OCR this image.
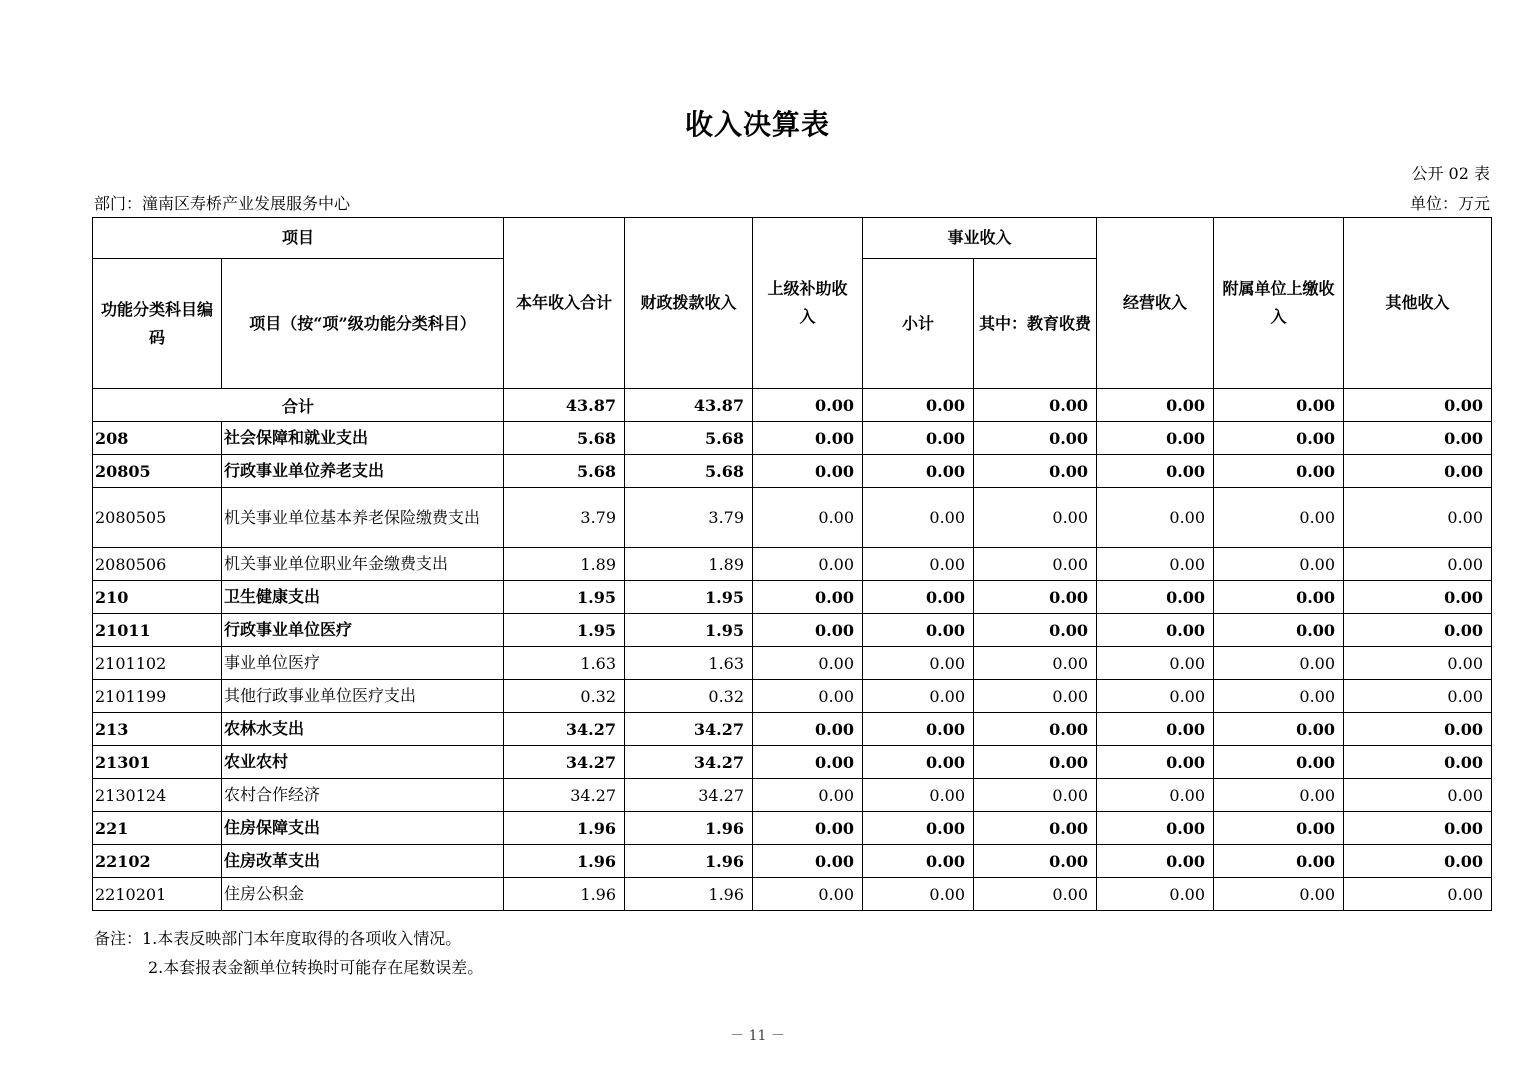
收入决算表
公开 02 表
部门：潼南区寿桥产业发展服务中心	单位：万元
项目		本年收入合计	财政拨款收入	上级补助收入	事业收入		经营收入	附属单位上缴收入	其他收入
功能分类科目编码	项目（按“项”级功能分类科目）				小计	其中：教育收费			
合计		43.87	43.87	0.00	0.00	0.00	0.00	0.00	0.00
208	社会保障和就业支出	5.68	5.68	0.00	0.00	0.00	0.00	0.00	0.00
20805	行政事业单位养老支出	5.68	5.68	0.00	0.00	0.00	0.00	0.00	0.00
2080505	机关事业单位基本养老保险缴费支出	3.79	3.79	0.00	0.00	0.00	0.00	0.00	0.00
2080506	机关事业单位职业年金缴费支出	1.89	1.89	0.00	0.00	0.00	0.00	0.00	0.00
210	卫生健康支出	1.95	1.95	0.00	0.00	0.00	0.00	0.00	0.00
21011	行政事业单位医疗	1.95	1.95	0.00	0.00	0.00	0.00	0.00	0.00
2101102	事业单位医疗	1.63	1.63	0.00	0.00	0.00	0.00	0.00	0.00
2101199	其他行政事业单位医疗支出	0.32	0.32	0.00	0.00	0.00	0.00	0.00	0.00
213	农林水支出	34.27	34.27	0.00	0.00	0.00	0.00	0.00	0.00
21301	农业农村	34.27	34.27	0.00	0.00	0.00	0.00	0.00	0.00
2130124	农村合作经济	34.27	34.27	0.00	0.00	0.00	0.00	0.00	0.00
221	住房保障支出	1.96	1.96	0.00	0.00	0.00	0.00	0.00	0.00
22102	住房改革支出	1.96	1.96	0.00	0.00	0.00	0.00	0.00	0.00
2210201	住房公积金	1.96	1.96	0.00	0.00	0.00	0.00	0.00	0.00
备注：1.本表反映部门本年度取得的各项收入情况。
2.本套报表金额单位转换时可能存在尾数误差。
－ 11 －
